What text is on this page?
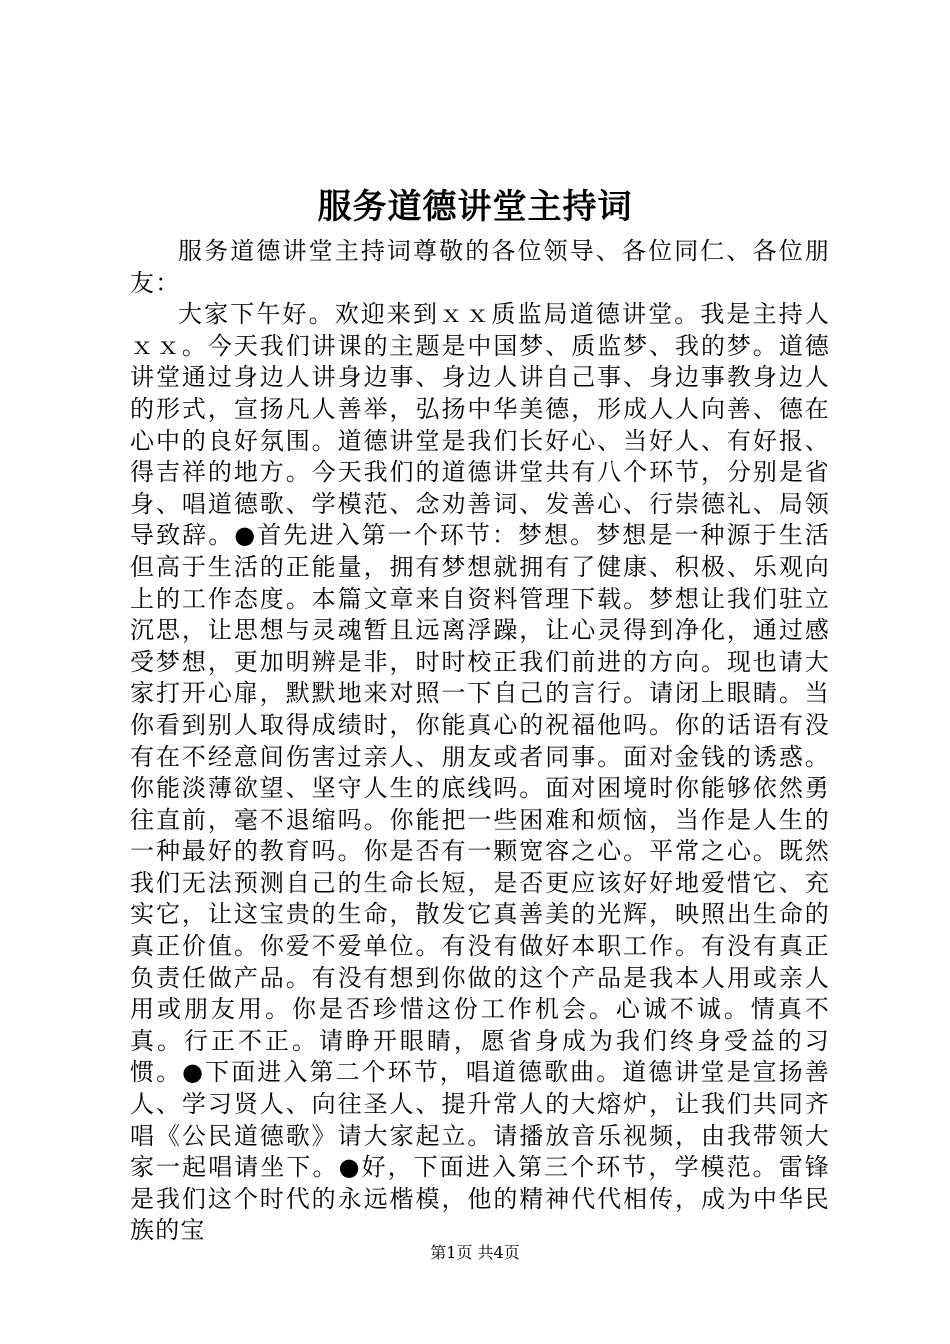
服务道德讲堂主持词

服务道德讲堂主持词尊敬的各位领导、各位同仁、各位朋友：

大家下午好。欢迎来到ｘｘ质监局道德讲堂。我是主持人ｘｘ。今天我们讲课的主题是中国梦、质监梦、我的梦。道德讲堂通过身边人讲身边事、身边人讲自己事、身边事教身边人的形式，宣扬凡人善举，弘扬中华美德，形成人人向善、德在心中的良好氛围。道德讲堂是我们长好心、当好人、有好报、得吉祥的地方。今天我们的道德讲堂共有八个环节，分别是省身、唱道德歌、学模范、念劝善词、发善心、行崇德礼、局领导致辞。●首先进入第一个环节：梦想。梦想是一种源于生活但高于生活的正能量，拥有梦想就拥有了健康、积极、乐观向上的工作态度。本篇文章来自资料管理下载。梦想让我们驻立沉思，让思想与灵魂暂且远离浮躁，让心灵得到净化，通过感受梦想，更加明辨是非，时时校正我们前进的方向。现也请大家打开心扉，默默地来对照一下自己的言行。请闭上眼睛。当你看到别人取得成绩时，你能真心的祝福他吗。你的话语有没有在不经意间伤害过亲人、朋友或者同事。面对金钱的诱惑。你能淡薄欲望、坚守人生的底线吗。面对困境时你能够依然勇往直前，毫不退缩吗。你能把一些困难和烦恼，当作是人生的一种最好的教育吗。你是否有一颗宽容之心。平常之心。既然我们无法预测自己的生命长短，是否更应该好好地爱惜它、充实它，让这宝贵的生命，散发它真善美的光辉，映照出生命的真正价值。你爱不爱单位。有没有做好本职工作。有没有真正负责任做产品。有没有想到你做的这个产品是我本人用或亲人用或朋友用。你是否珍惜这份工作机会。心诚不诚。情真不真。行正不正。请睁开眼睛，愿省身成为我们终身受益的习惯。●下面进入第二个环节，唱道德歌曲。道德讲堂是宣扬善人、学习贤人、向往圣人、提升常人的大熔炉，让我们共同齐唱《公民道德歌》请大家起立。请播放音乐视频，由我带领大家一起唱请坐下。●好，下面进入第三个环节，学模范。雷锋是我们这个时代的永远楷模，他的精神代代相传，成为中华民族的宝

第1页 共4页
